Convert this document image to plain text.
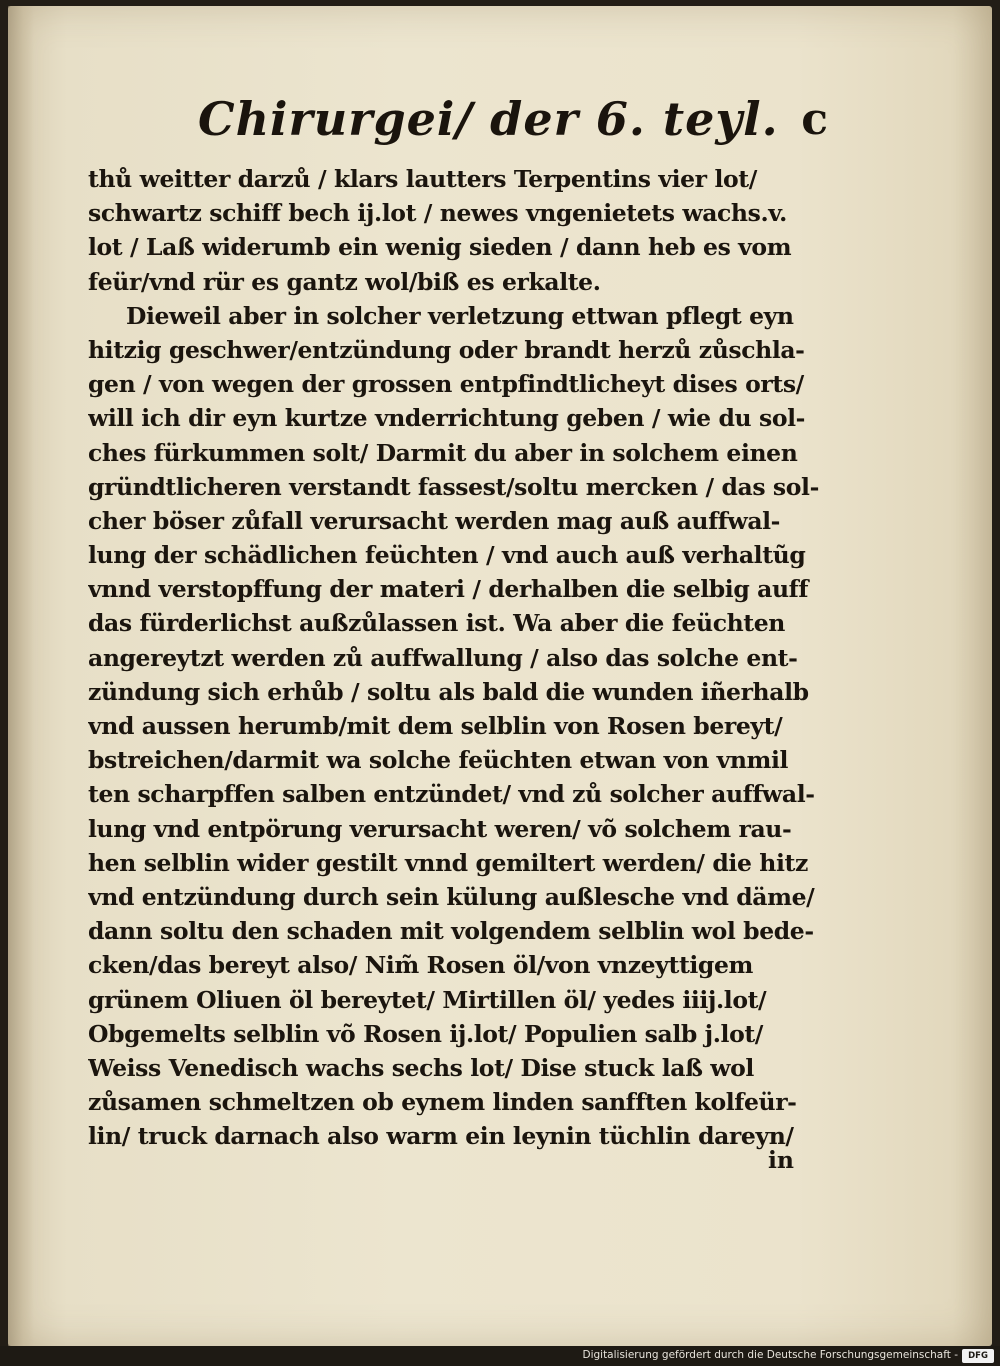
Chirurgei/ der 6. teyl. c
thů weitter darzů / klars lautters Terpentins vier lot/
schwartz schiff bech ij.lot / newes vngenietets wachs.v.
lot / Laß widerumb ein wenig sieden / dann heb es vom
feür/vnd rür es gantz wol/biß es erkalte.
Dieweil aber in solcher verletzung ettwan pflegt eyn
hitzig geschwer/entzündung oder brandt herzů zůschla-
gen / von wegen der grossen entpfindtlicheyt dises orts/
will ich dir eyn kurtze vnderrichtung geben / wie du sol-
ches fürkummen solt/ Darmit du aber in solchem einen
gründtlicheren verstandt fassest/soltu mercken / das sol-
cher böser zůfall verursacht werden mag auß auffwal-
lung der schädlichen feüchten / vnd auch auß verhaltũg
vnnd verstopffung der materi / derhalben die selbig auff
das fürderlichst außzůlassen ist. Wa aber die feüchten
angereytzt werden zů auffwallung / also das solche ent-
zündung sich erhůb / soltu als bald die wunden iñerhalb
vnd aussen herumb/mit dem selblin von Rosen bereyt/
bstreichen/darmit wa solche feüchten etwan von vnmil
ten scharpffen salben entzündet/ vnd zů solcher auffwal-
lung vnd entpörung verursacht weren/ võ solchem rau-
hen selblin wider gestilt vnnd gemiltert werden/ die hitz
vnd entzündung durch sein külung außlesche vnd däme/
dann soltu den schaden mit volgendem selblin wol bede-
cken/das bereyt also/ Nim̃ Rosen öl/von vnzeyttigem
grünem Oliuen öl bereytet/ Mirtillen öl/ yedes iiij.lot/
Obgemelts selblin võ Rosen ij.lot/ Populien salb j.lot/
Weiss Venedisch wachs sechs lot/ Dise stuck laß wol
zůsamen schmeltzen ob eynem linden sanfften kolfeür-
lin/ truck darnach also warm ein leynin tüchlin dareyn/
in
Digitalisierung gefördert durch die Deutsche Forschungsgemeinschaft -	DFG
